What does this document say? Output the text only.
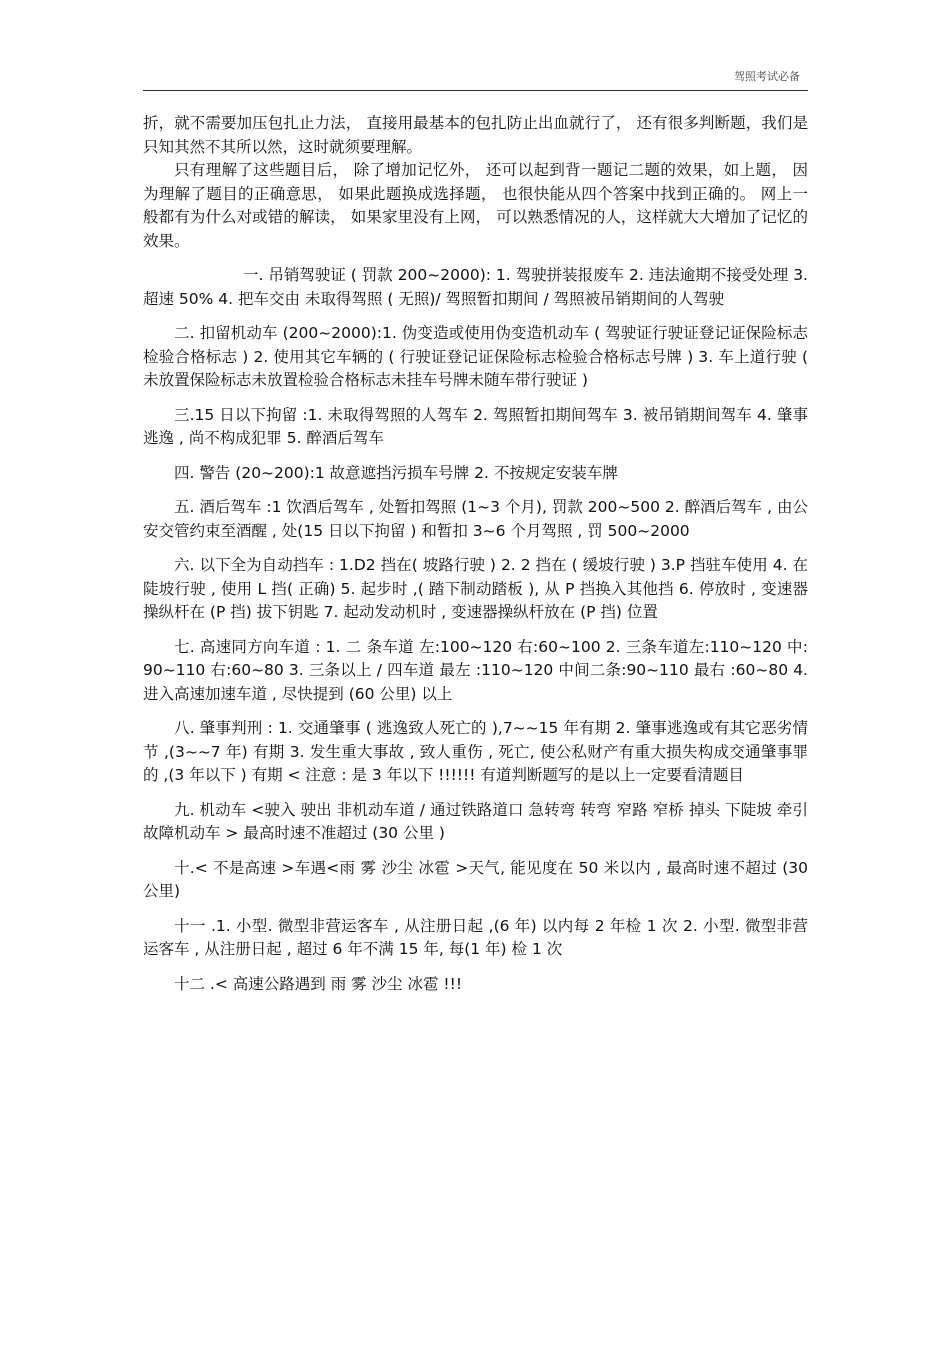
驾照考试必备

折，就不需要加压包扎止力法， 直接用最基本的包扎防止出血就行了， 还有很多判断题，我们是只知其然不其所以然，这时就须要理解。

只有理解了这些题目后， 除了增加记忆外， 还可以起到背一题记二题的效果，如上题， 因为理解了题目的正确意思， 如果此题换成选择题， 也很快能从四个答案中找到正确的。 网上一般都有为什么对或错的解读， 如果家里没有上网， 可以熟悉情况的人，这样就大大增加了记忆的效果。

一. 吊销驾驶证 ( 罚款 200~2000): 1. 驾驶拼装报废车 2. 违法逾期不接受处理 3. 超速 50% 4. 把车交由 未取得驾照 ( 无照)/ 驾照暂扣期间 / 驾照被吊销期间的人驾驶

二. 扣留机动车 (200~2000):1. 伪变造或使用伪变造机动车 ( 驾驶证行驶证登记证保险标志检验合格标志 ) 2. 使用其它车辆的 ( 行驶证登记证保险标志检验合格标志号牌 ) 3. 车上道行驶 ( 未放置保险标志未放置检验合格标志未挂车号牌未随车带行驶证 )

三.15 日以下拘留 :1. 未取得驾照的人驾车 2. 驾照暂扣期间驾车 3. 被吊销期间驾车 4. 肇事逃逸 , 尚不构成犯罪 5. 醉酒后驾车

四. 警告 (20~200):1 故意遮挡污损车号牌 2. 不按规定安装车牌

五. 酒后驾车 :1 饮酒后驾车 , 处暂扣驾照 (1~3 个月), 罚款 200~500 2. 醉酒后驾车 , 由公安交管约束至酒醒 , 处(15 日以下拘留 ) 和暂扣 3~6 个月驾照 , 罚 500~2000

六. 以下全为自动挡车 : 1.D2 挡在( 坡路行驶 ) 2. 2 挡在 ( 缓坡行驶 ) 3.P 挡驻车使用 4. 在陡坡行驶 , 使用 L 挡( 正确) 5. 起步时 ,( 踏下制动踏板 ), 从 P 挡换入其他挡 6. 停放时 , 变速器操纵杆在 (P 挡) 拔下钥匙 7. 起动发动机时 , 变速器操纵杆放在 (P 挡) 位置

七. 高速同方向车道 : 1. 二 条车道 左:100~120 右:60~100 2. 三条车道左:110~120 中:90~110 右:60~80 3. 三条以上 / 四车道 最左 :110~120 中间二条:90~110 最右 :60~80 4. 进入高速加速车道 , 尽快提到 (60 公里) 以上

八. 肇事判刑 : 1. 交通肇事 ( 逃逸致人死亡的 ),7~~15 年有期 2. 肇事逃逸或有其它恶劣情节 ,(3~~7 年) 有期 3. 发生重大事故 , 致人重伤 , 死亡, 使公私财产有重大损失构成交通肇事罪的 ,(3 年以下 ) 有期 < 注意 : 是 3 年以下 !!!!!! 有道判断题写的是以上一定要看清题目

九. 机动车 <驶入 驶出 非机动车道 / 通过铁路道口 急转弯 转弯 窄路 窄桥 掉头 下陡坡 牵引故障机动车 > 最高时速不准超过 (30 公里 )

十.< 不是高速 >车遇<雨 雾 沙尘 冰雹 >天气, 能见度在 50 米以内 , 最高时速不超过 (30 公里)

十一 .1. 小型. 微型非营运客车 , 从注册日起 ,(6 年) 以内每 2 年检 1 次 2. 小型. 微型非营运客车 , 从注册日起 , 超过 6 年不满 15 年, 每(1 年) 检 1 次

十二 .< 高速公路遇到 雨 雾 沙尘 冰雹 !!!
